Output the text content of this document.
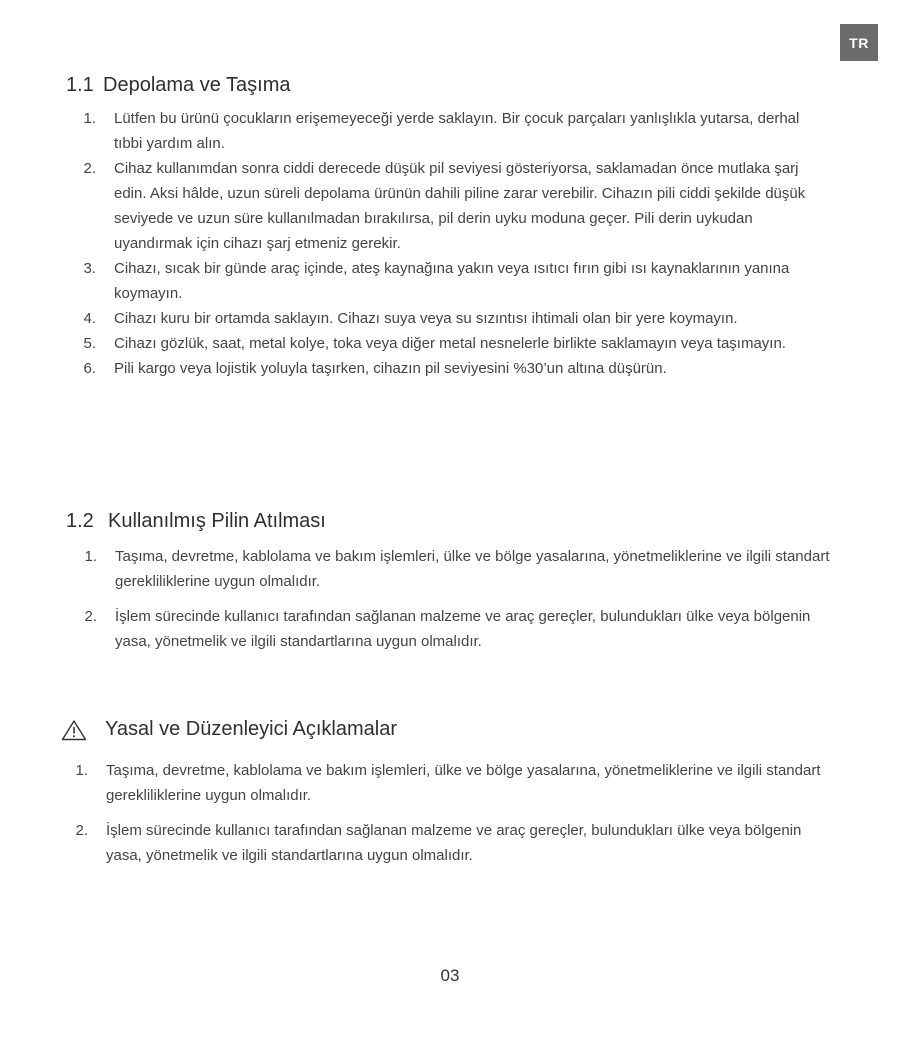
TR
1.1 Depolama ve Taşıma
1. Lütfen bu ürünü çocukların erişemeyeceği yerde saklayın. Bir çocuk parçaları yanlışlıkla yutarsa, derhal tıbbi yardım alın.
2. Cihaz kullanımdan sonra ciddi derecede düşük pil seviyesi gösteriyorsa, saklamadan önce mutlaka şarj edin. Aksi hâlde, uzun süreli depolama ürünün dahili piline zarar verebilir. Cihazın pili ciddi şekilde düşük seviyede ve uzun süre kullanılmadan bırakılırsa, pil derin uyku moduna geçer. Pili derin uykudan uyandırmak için cihazı şarj etmeniz gerekir.
3. Cihazı, sıcak bir günde araç içinde, ateş kaynağına yakın veya ısıtıcı fırın gibi ısı kaynaklarının yanına koymayın.
4. Cihazı kuru bir ortamda saklayın. Cihazı suya veya su sızıntısı ihtimali olan bir yere koymayın.
5. Cihazı gözlük, saat, metal kolye, toka veya diğer metal nesnelerle birlikte saklamayın veya taşımayın.
6. Pili kargo veya lojistik yoluyla taşırken, cihazın pil seviyesini %30’un altına düşürün.
1.2 Kullanılmış Pilin Atılması
1. Taşıma, devretme, kablolama ve bakım işlemleri, ülke ve bölge yasalarına, yönetmeliklerine ve ilgili standart gerekliliklerine uygun olmalıdır.
2. İşlem sürecinde kullanıcı tarafından sağlanan malzeme ve araç gereçler, bulundukları ülke veya bölgenin yasa, yönetmelik ve ilgili standartlarına uygun olmalıdır.
Yasal ve Düzenleyici Açıklamalar
1. Taşıma, devretme, kablolama ve bakım işlemleri, ülke ve bölge yasalarına, yönetmeliklerine ve ilgili standart gerekliliklerine uygun olmalıdır.
2. İşlem sürecinde kullanıcı tarafından sağlanan malzeme ve araç gereçler, bulundukları ülke veya bölgenin yasa, yönetmelik ve ilgili standartlarına uygun olmalıdır.
03
